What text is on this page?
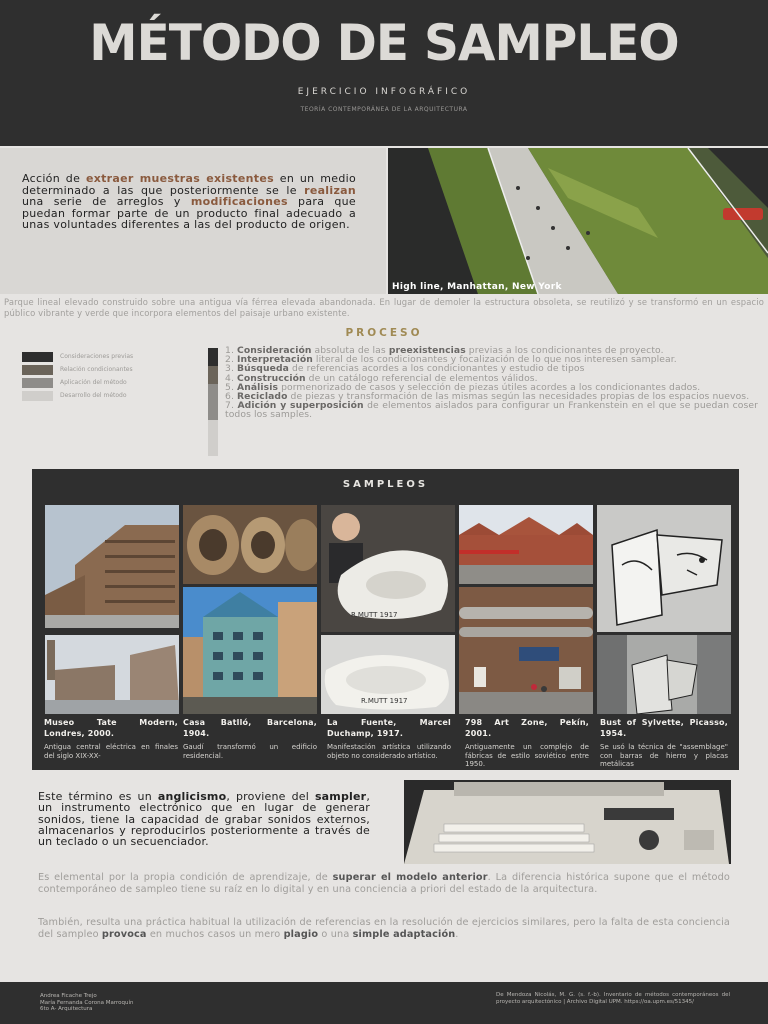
MÉTODO DE SAMPLEO
EJERCICIO INFOGRÁFICO
TEORÍA CONTEMPORÁNEA DE LA ARQUITECTURA
Acción de extraer muestras existentes en un medio determinado a las que posteriormente se le realizan una serie de arreglos y modificaciones para que puedan formar parte de un producto final adecuado a unas voluntades diferentes a las del producto de origen.
High line, Manhattan, New York
Parque lineal elevado construido sobre una antigua vía férrea elevada abandonada. En lugar de demoler la estructura obsoleta, se reutilizó y se transformó en un espacio público vibrante y verde que incorpora elementos del paisaje urbano existente.
PROCESO
Consideraciones previas
Relación condicionantes
Aplicación del método
Desarrollo del método
1. Consideración absoluta de las preexistencias previas a los condicionantes de proyecto.
2. Interpretación literal de los condicionantes y focalización de lo que nos interesen samplear.
3. Búsqueda de referencias acordes a los condicionantes y estudio de tipos
4. Construcción de un catálogo referencial de elementos válidos.
5. Análisis pormenorizado de casos y selección de piezas útiles acordes a los condicionantes dados.
6. Reciclado de piezas y transformación de las mismas según las necesidades propias de los espacios nuevos.
7. Adición y superposición de elementos aislados para configurar un Frankenstein en el que se puedan coser todos los samples.
SAMPLEOS
R.MUTT 1917
R.MUTT 1917
Museo Tate Modern, Londres, 2000.
Antigua central eléctrica en finales del siglo XIX-XX-
Casa Batlló, Barcelona, 1904.
Gaudí transformó un edificio residencial.
La Fuente, Marcel Duchamp, 1917.
Manifestación artística utilizando objeto no considerado artístico.
798 Art Zone, Pekín, 2001.
Antiguamente un complejo de fábricas de estilo soviético entre 1950.
Bust of Sylvette, Picasso, 1954.
Se usó la técnica de "assemblage" con barras de hierro y placas metálicas
Este término es un anglicismo, proviene del sampler, un instrumento electrónico que en lugar de generar sonidos, tiene la capacidad de grabar sonidos externos, almacenarlos y reproducirlos posteriormente a través de un teclado o un secuenciador.
Es elemental por la propia condición de aprendizaje, de superar el modelo anterior. La diferencia histórica supone que el método contemporáneo de sampleo tiene su raíz en lo digital y en una conciencia a priori del estado de la arquitectura.
También, resulta una práctica habitual la utilización de referencias en la resolución de ejercicios similares, pero la falta de esta conciencia del sampleo provoca en muchos casos un mero plagio o una simple adaptación.
Andrea Ficache Trejo
María Fernanda Corona Marroquín
6to A- Arquitectura
De Mendoza Nicolás, M. G. (s. f.-b). Inventario de métodos contemporáneos del proyecto arquitectónico | Archivo Digital UPM. https://oa.upm.es/51345/
